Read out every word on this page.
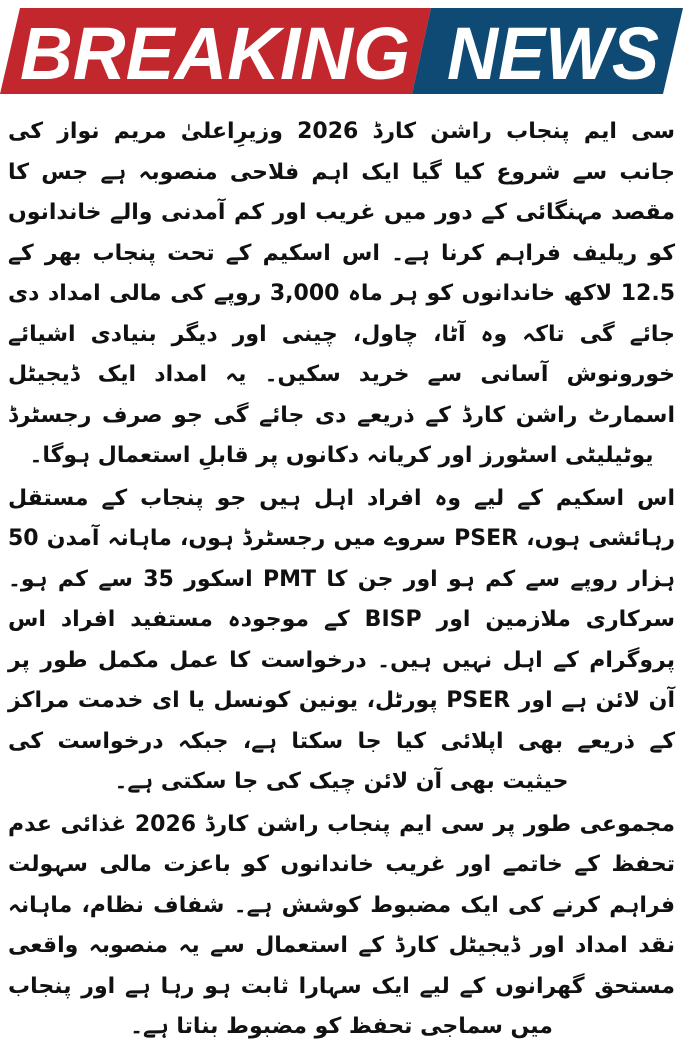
BREAKING NEWS

سی ایم پنجاب راشن کارڈ 2026 وزیرِاعلیٰ مریم نواز کی جانب سے شروع کیا گیا ایک اہم فلاحی منصوبہ ہے جس کا مقصد مہنگائی کے دور میں غریب اور کم آمدنی والے خاندانوں کو ریلیف فراہم کرنا ہے۔ اس اسکیم کے تحت پنجاب بھر کے 12.5 لاکھ خاندانوں کو ہر ماہ 3,000 روپے کی مالی امداد دی جائے گی تاکہ وہ آٹا، چاول، چینی اور دیگر بنیادی اشیائے خورونوش آسانی سے خرید سکیں۔ یہ امداد ایک ڈیجیٹل اسمارٹ راشن کارڈ کے ذریعے دی جائے گی جو صرف رجسٹرڈ یوٹیلیٹی اسٹورز اور کریانہ دکانوں پر قابلِ استعمال ہوگا۔

اس اسکیم کے لیے وہ افراد اہل ہیں جو پنجاب کے مستقل رہائشی ہوں، PSER سروے میں رجسٹرڈ ہوں، ماہانہ آمدن 50 ہزار روپے سے کم ہو اور جن کا PMT اسکور 35 سے کم ہو۔ سرکاری ملازمین اور BISP کے موجودہ مستفید افراد اس پروگرام کے اہل نہیں ہیں۔ درخواست کا عمل مکمل طور پر آن لائن ہے اور PSER پورٹل، یونین کونسل یا ای خدمت مراکز کے ذریعے بھی اپلائی کیا جا سکتا ہے، جبکہ درخواست کی حیثیت بھی آن لائن چیک کی جا سکتی ہے۔

مجموعی طور پر سی ایم پنجاب راشن کارڈ 2026 غذائی عدم تحفظ کے خاتمے اور غریب خاندانوں کو باعزت مالی سہولت فراہم کرنے کی ایک مضبوط کوشش ہے۔ شفاف نظام، ماہانہ نقد امداد اور ڈیجیٹل کارڈ کے استعمال سے یہ منصوبہ واقعی مستحق گھرانوں کے لیے ایک سہارا ثابت ہو رہا ہے اور پنجاب میں سماجی تحفظ کو مضبوط بناتا ہے۔
